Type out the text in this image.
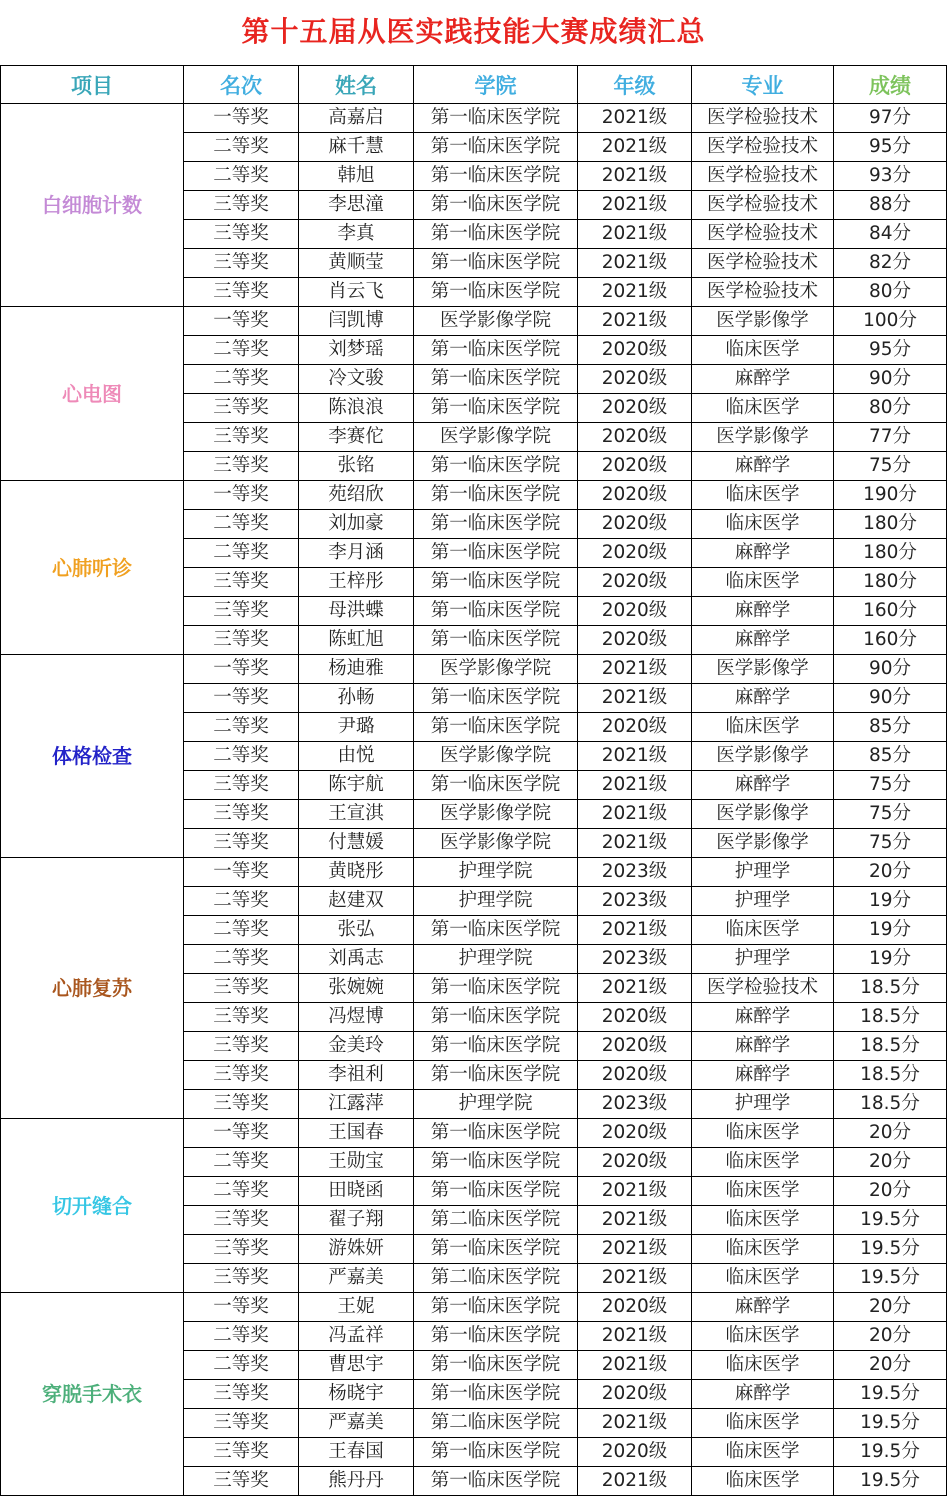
第十五届从医实践技能大赛成绩汇总
项目	名次	姓名	学院	年级	专业	成绩
白细胞计数	一等奖	高嘉启	第一临床医学院	2021级	医学检验技术	97分
	二等奖	麻千慧	第一临床医学院	2021级	医学检验技术	95分
	二等奖	韩旭	第一临床医学院	2021级	医学检验技术	93分
	三等奖	李思潼	第一临床医学院	2021级	医学检验技术	88分
	三等奖	李真	第一临床医学院	2021级	医学检验技术	84分
	三等奖	黄顺莹	第一临床医学院	2021级	医学检验技术	82分
	三等奖	肖云飞	第一临床医学院	2021级	医学检验技术	80分
心电图	一等奖	闫凯博	医学影像学院	2021级	医学影像学	100分
	二等奖	刘梦瑶	第一临床医学院	2020级	临床医学	95分
	二等奖	冷文骏	第一临床医学院	2020级	麻醉学	90分
	三等奖	陈浪浪	第一临床医学院	2020级	临床医学	80分
	三等奖	李赛佗	医学影像学院	2020级	医学影像学	77分
	三等奖	张铭	第一临床医学院	2020级	麻醉学	75分
心肺听诊	一等奖	苑绍欣	第一临床医学院	2020级	临床医学	190分
	二等奖	刘加豪	第一临床医学院	2020级	临床医学	180分
	二等奖	李月涵	第一临床医学院	2020级	麻醉学	180分
	三等奖	王梓彤	第一临床医学院	2020级	临床医学	180分
	三等奖	母洪蝶	第一临床医学院	2020级	麻醉学	160分
	三等奖	陈虹旭	第一临床医学院	2020级	麻醉学	160分
体格检查	一等奖	杨迪雅	医学影像学院	2021级	医学影像学	90分
	一等奖	孙畅	第一临床医学院	2021级	麻醉学	90分
	二等奖	尹璐	第一临床医学院	2020级	临床医学	85分
	二等奖	由悦	医学影像学院	2021级	医学影像学	85分
	三等奖	陈宇航	第一临床医学院	2021级	麻醉学	75分
	三等奖	王宣淇	医学影像学院	2021级	医学影像学	75分
	三等奖	付慧媛	医学影像学院	2021级	医学影像学	75分
心肺复苏	一等奖	黄晓彤	护理学院	2023级	护理学	20分
	二等奖	赵建双	护理学院	2023级	护理学	19分
	二等奖	张弘	第一临床医学院	2021级	临床医学	19分
	二等奖	刘禹志	护理学院	2023级	护理学	19分
	三等奖	张婉婉	第一临床医学院	2021级	医学检验技术	18.5分
	三等奖	冯煜博	第一临床医学院	2020级	麻醉学	18.5分
	三等奖	金美玲	第一临床医学院	2020级	麻醉学	18.5分
	三等奖	李祖利	第一临床医学院	2020级	麻醉学	18.5分
	三等奖	江露萍	护理学院	2023级	护理学	18.5分
切开缝合	一等奖	王国春	第一临床医学院	2020级	临床医学	20分
	二等奖	王勋宝	第一临床医学院	2020级	临床医学	20分
	二等奖	田晓函	第一临床医学院	2021级	临床医学	20分
	三等奖	翟子翔	第二临床医学院	2021级	临床医学	19.5分
	三等奖	游姝妍	第一临床医学院	2021级	临床医学	19.5分
	三等奖	严嘉美	第二临床医学院	2021级	临床医学	19.5分
穿脱手术衣	一等奖	王妮	第一临床医学院	2020级	麻醉学	20分
	二等奖	冯孟祥	第一临床医学院	2021级	临床医学	20分
	二等奖	曹思宇	第一临床医学院	2021级	临床医学	20分
	三等奖	杨晓宇	第一临床医学院	2020级	麻醉学	19.5分
	三等奖	严嘉美	第二临床医学院	2021级	临床医学	19.5分
	三等奖	王春国	第一临床医学院	2020级	临床医学	19.5分
	三等奖	熊丹丹	第一临床医学院	2021级	临床医学	19.5分
